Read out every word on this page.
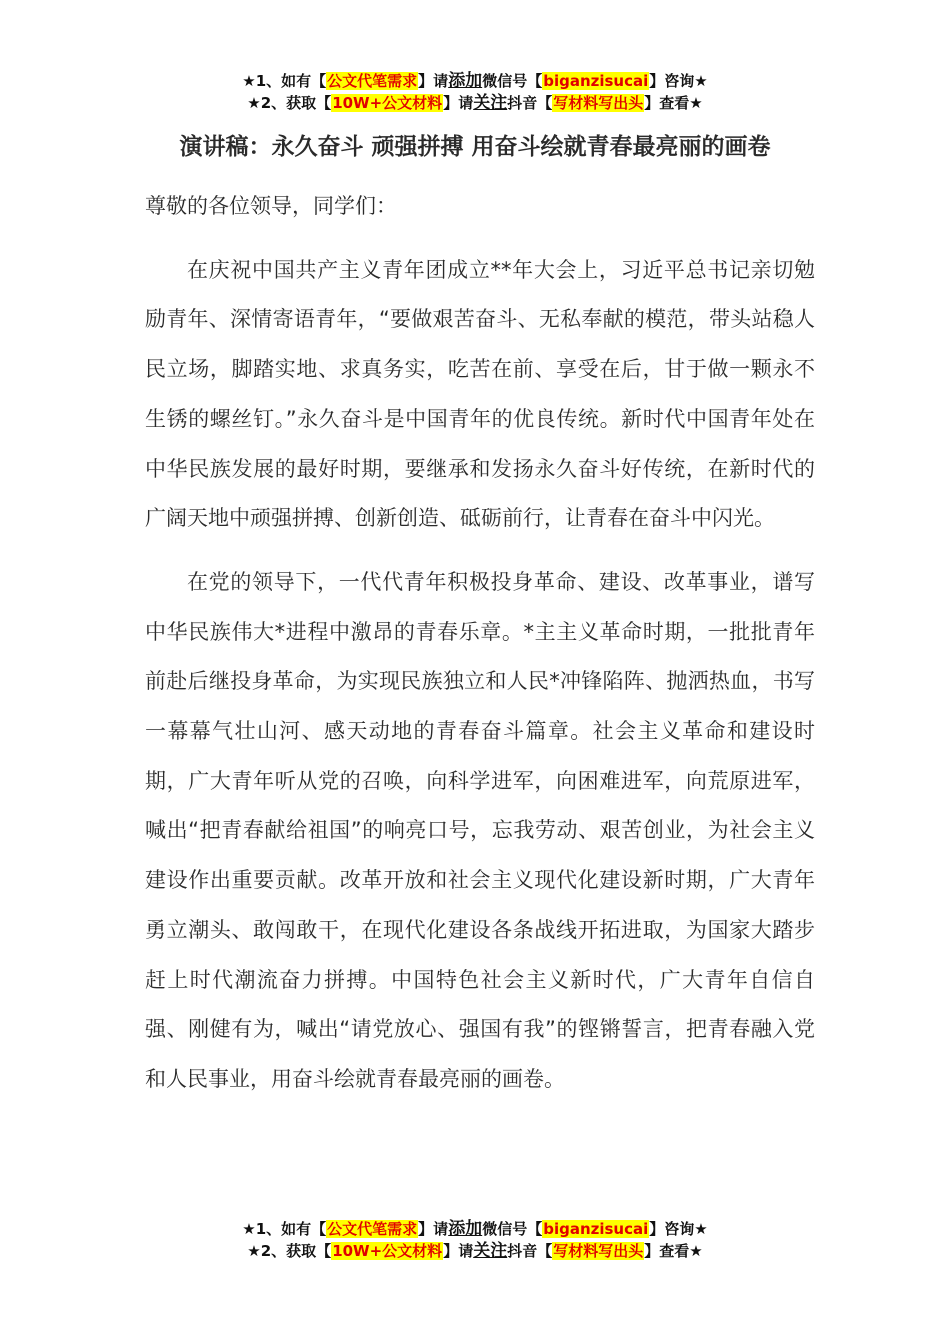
★1、如有【公文代笔需求】请添加微信号【biganzisucai】咨询★
★2、获取【10W+公文材料】请关注抖音【写材料写出头】查看★
演讲稿：永久奋斗 顽强拼搏 用奋斗绘就青春最亮丽的画卷

尊敬的各位领导，同学们：

在庆祝中国共产主义青年团成立**年大会上，习近平总书记亲切勉励青年、深情寄语青年，“要做艰苦奋斗、无私奉献的模范，带头站稳人民立场，脚踏实地、求真务实，吃苦在前、享受在后，甘于做一颗永不生锈的螺丝钉。”永久奋斗是中国青年的优良传统。新时代中国青年处在中华民族发展的最好时期，要继承和发扬永久奋斗好传统，在新时代的广阔天地中顽强拼搏、创新创造、砥砺前行，让青春在奋斗中闪光。

在党的领导下，一代代青年积极投身革命、建设、改革事业，谱写中华民族伟大*进程中激昂的青春乐章。*主主义革命时期，一批批青年前赴后继投身革命，为实现民族独立和人民*冲锋陷阵、抛洒热血，书写一幕幕气壮山河、感天动地的青春奋斗篇章。社会主义革命和建设时期，广大青年听从党的召唤，向科学进军，向困难进军，向荒原进军，喊出“把青春献给祖国”的响亮口号，忘我劳动、艰苦创业，为社会主义建设作出重要贡献。改革开放和社会主义现代化建设新时期，广大青年勇立潮头、敢闯敢干，在现代化建设各条战线开拓进取，为国家大踏步赶上时代潮流奋力拼搏。中国特色社会主义新时代，广大青年自信自强、刚健有为，喊出“请党放心、强国有我”的铿锵誓言，把青春融入党和人民事业，用奋斗绘就青春最亮丽的画卷。

★1、如有【公文代笔需求】请添加微信号【biganzisucai】咨询★
★2、获取【10W+公文材料】请关注抖音【写材料写出头】查看★
